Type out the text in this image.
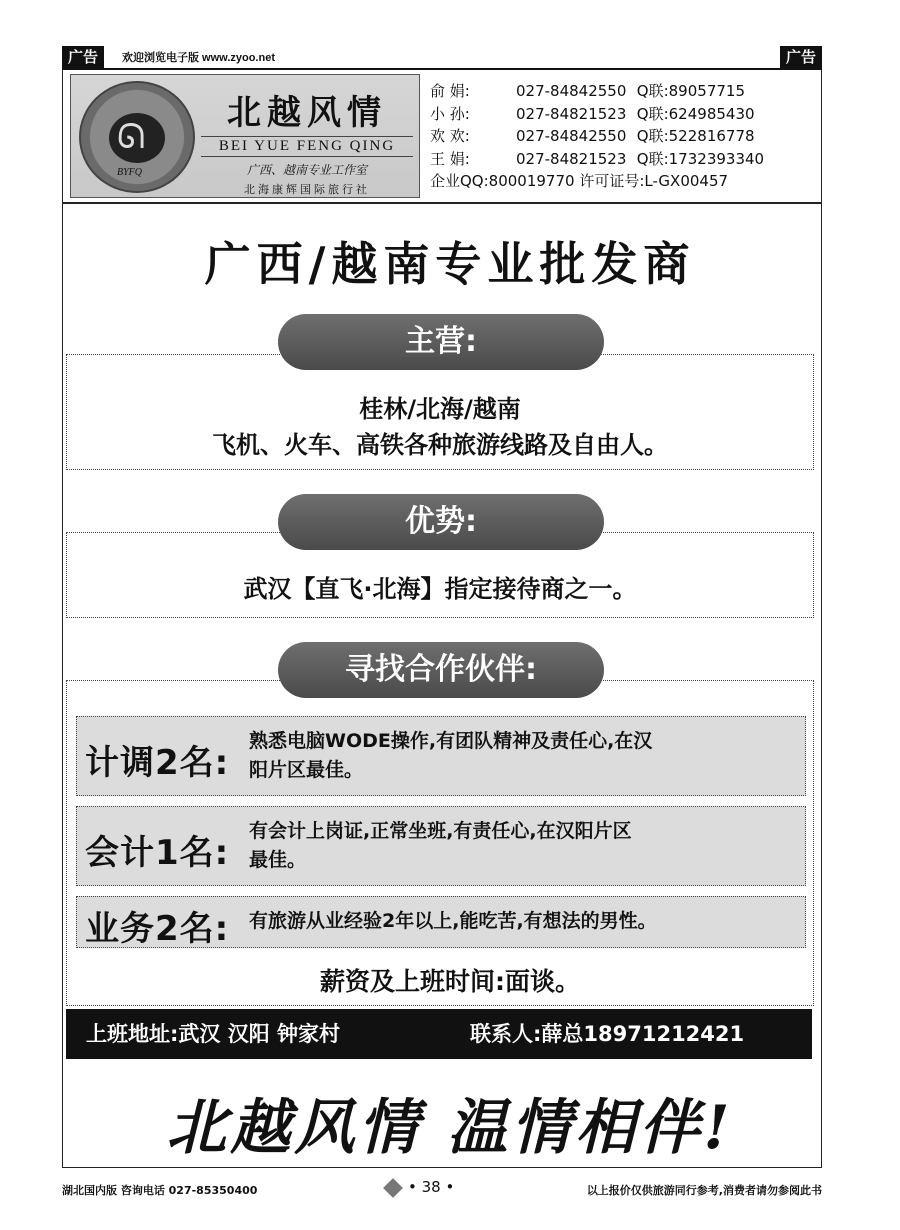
广告	欢迎浏览电子版 www.zyoo.net	广告
ᘏ
BYFQ
北越风情
BEI YUE FENG QING
广西、越南专业工作室
北海康辉国际旅行社
俞 娟:	027-84842550 Q联:89057715
小 孙:	027-84821523 Q联:624985430
欢 欢:	027-84842550 Q联:522816778
王 娟:	027-84821523 Q联:1732393340
企业QQ:800019770 许可证号:L-GX00457
广西/越南专业批发商
桂林/北海/越南
飞机、火车、高铁各种旅游线路及自由人。
主营:
武汉【直飞·北海】指定接待商之一。
优势:
寻找合作伙伴:
计调2名:
熟悉电脑WODE操作,有团队精神及责任心,在汉
阳片区最佳。
会计1名:
有会计上岗证,正常坐班,有责任心,在汉阳片区
最佳。
业务2名: 有旅游从业经验2年以上,能吃苦,有想法的男性。
薪资及上班时间:面谈。
上班地址:武汉 汉阳 钟家村	联系人:薛总18971212421
北越风情 温情相伴!
湖北国内版 咨询电话 027-85350400	• 38 •	以上报价仅供旅游同行参考,消费者请勿参阅此书
